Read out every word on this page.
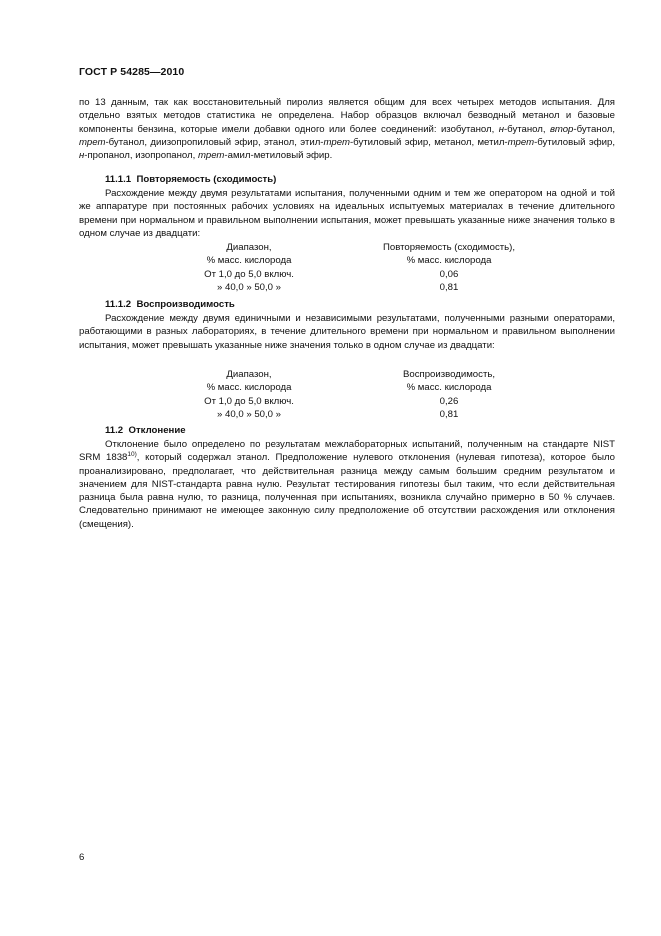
ГОСТ Р 54285—2010

по 13 данным, так как восстановительный пиролиз является общим для всех четырех методов испытания. Для отдельно взятых методов статистика не определена. Набор образцов включал безводный метанол и базовые компоненты бензина, которые имели добавки одного или более соединений: изобутанол, н-бутанол, втор-бутанол, трет-бутанол, диизопропиловый эфир, этанол, этил-трет-бутиловый эфир, метанол, метил-трет-бутиловый эфир, н-пропанол, изопропанол, трет-амил-метиловый эфир.

11.1.1 Повторяемость (сходимость)

Расхождение между двумя результатами испытания, полученными одним и тем же оператором на одной и той же аппаратуре при постоянных рабочих условиях на идеальных испытуемых материалах в течение длительного времени при нормальном и правильном выполнении испытания, может превышать указанные ниже значения только в одном случае из двадцати:

Диапазон,	Повторяемость (сходимость),
% масс. кислорода	% масс. кислорода
От 1,0 до 5,0 включ.	0,06
» 40,0 » 50,0 »	0,81
11.1.2 Воспроизводимость

Расхождение между двумя единичными и независимыми результатами, полученными разными операторами, работающими в разных лабораториях, в течение длительного времени при нормальном и правильном выполнении испытания, может превышать указанные ниже значения только в одном случае из двадцати:

Диапазон,	Воспроизводимость,
% масс. кислорода	% масс. кислорода
От 1,0 до 5,0 включ.	0,26
» 40,0 » 50,0 »	0,81
11.2 Отклонение

Отклонение было определено по результатам межлабораторных испытаний, полученным на стандарте NIST SRM 1838$^{10)}$, который содержал этанол. Предположение нулевого отклонения (нулевая гипотеза), которое было проанализировано, предполагает, что действительная разница между самым большим средним результатом и значением для NIST-стандарта равна нулю. Результат тестирования гипотезы был таким, что если действительная разница была равна нулю, то разница, полученная при испытаниях, возникла случайно примерно в 50 % случаев. Следовательно принимают не имеющее законную силу предположение об отсутствии расхождения или отклонения (смещения).

6
